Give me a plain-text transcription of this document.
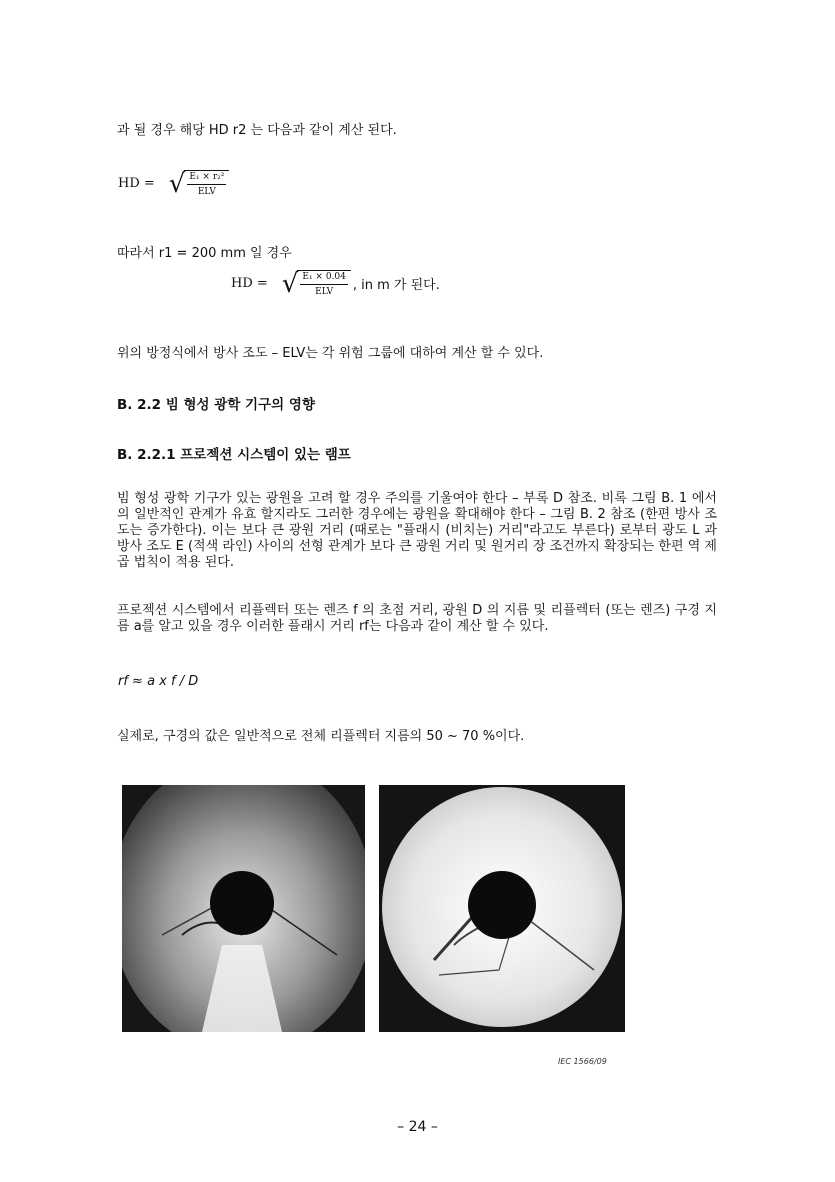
과 될 경우 해당 HD r2 는 다음과 같이 계산 된다.
HD = √ $\frac{\text{E₁ × r₂²}}{\text{ELV}}$
따라서 r1 = 200 mm 일 경우
HD = √ $\frac{\text{E₁ × 0.04}}{\text{ELV}}$ , in m 가 된다.
위의 방정식에서 방사 조도 – ELV는 각 위험 그룹에 대하여 계산 할 수 있다.
B. 2.2 빔 형성 광학 기구의 영향
B. 2.2.1 프로젝션 시스템이 있는 램프
빔 형성 광학 기구가 있는 광원을 고려 할 경우 주의를 기울여야 한다 – 부록 D 참조. 비록 그림 B. 1 에서의 일반적인 관계가 유효 할지라도 그러한 경우에는 광원을 확대해야 한다 – 그림 B. 2 참조 (한편 방사 조도는 증가한다). 이는 보다 큰 광원 거리 (때로는 "플래시 (비치는) 거리"라고도 부른다) 로부터 광도 L 과 방사 조도 E (적색 라인) 사이의 선형 관계가 보다 큰 광원 거리 및 원거리 장 조건까지 확장되는 한편 역 제곱 법칙이 적용 된다.
프로젝션 시스템에서 리플렉터 또는 렌즈 f 의 초점 거리, 광원 D 의 지름 및 리플렉터 (또는 렌즈) 구경 지름 a를 알고 있을 경우 이러한 플래시 거리 rf는 다음과 같이 계산 할 수 있다.
rf ≈ a x f / D
실제로, 구경의 값은 일반적으로 전체 리플렉터 지름의 50 ~ 70 %이다.
IEC 1566/09
– 24 –
